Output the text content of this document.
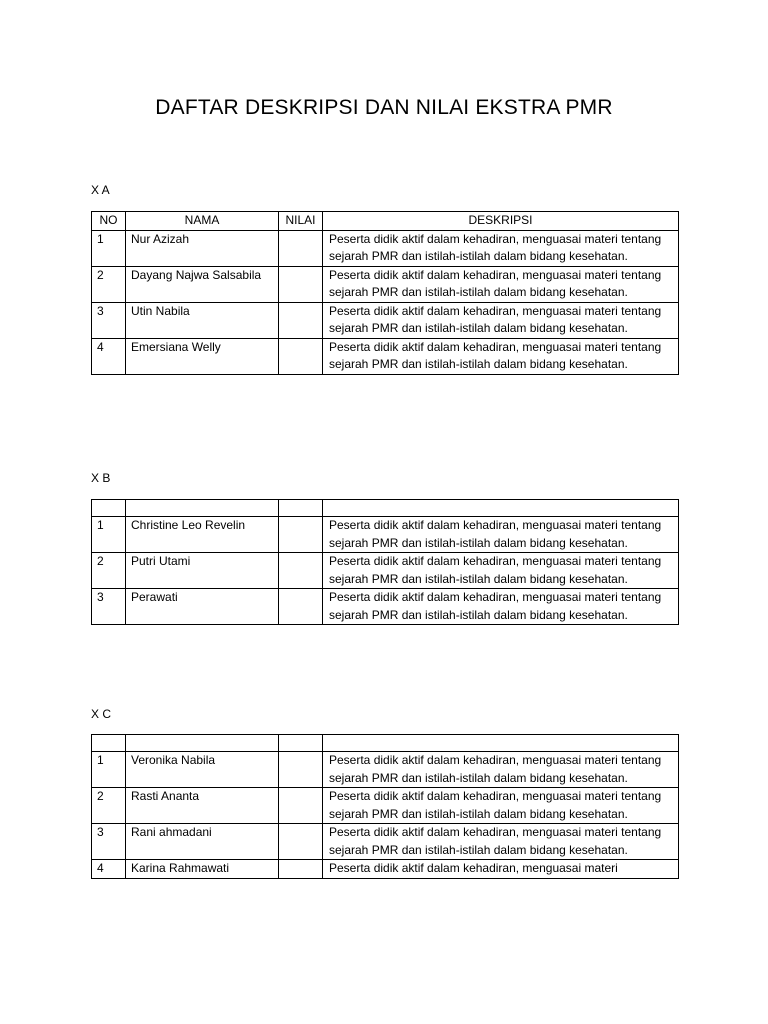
DAFTAR DESKRIPSI DAN NILAI EKSTRA PMR
X A
NO	NAMA	NILAI	DESKRIPSI
1	Nur Azizah		Peserta didik aktif dalam kehadiran, menguasai materi tentang sejarah PMR dan istilah-istilah dalam bidang kesehatan.
2	Dayang Najwa Salsabila		Peserta didik aktif dalam kehadiran, menguasai materi tentang sejarah PMR dan istilah-istilah dalam bidang kesehatan.
3	Utin Nabila		Peserta didik aktif dalam kehadiran, menguasai materi tentang sejarah PMR dan istilah-istilah dalam bidang kesehatan.
4	Emersiana Welly		Peserta didik aktif dalam kehadiran, menguasai materi tentang sejarah PMR dan istilah-istilah dalam bidang kesehatan.
X B

1	Christine Leo Revelin		Peserta didik aktif dalam kehadiran, menguasai materi tentang sejarah PMR dan istilah-istilah dalam bidang kesehatan.
2	Putri Utami		Peserta didik aktif dalam kehadiran, menguasai materi tentang sejarah PMR dan istilah-istilah dalam bidang kesehatan.
3	Perawati		Peserta didik aktif dalam kehadiran, menguasai materi tentang sejarah PMR dan istilah-istilah dalam bidang kesehatan.
X C

1	Veronika Nabila		Peserta didik aktif dalam kehadiran, menguasai materi tentang sejarah PMR dan istilah-istilah dalam bidang kesehatan.
2	Rasti Ananta		Peserta didik aktif dalam kehadiran, menguasai materi tentang sejarah PMR dan istilah-istilah dalam bidang kesehatan.
3	Rani ahmadani		Peserta didik aktif dalam kehadiran, menguasai materi tentang sejarah PMR dan istilah-istilah dalam bidang kesehatan.
4	Karina Rahmawati		Peserta didik aktif dalam kehadiran, menguasai materi
